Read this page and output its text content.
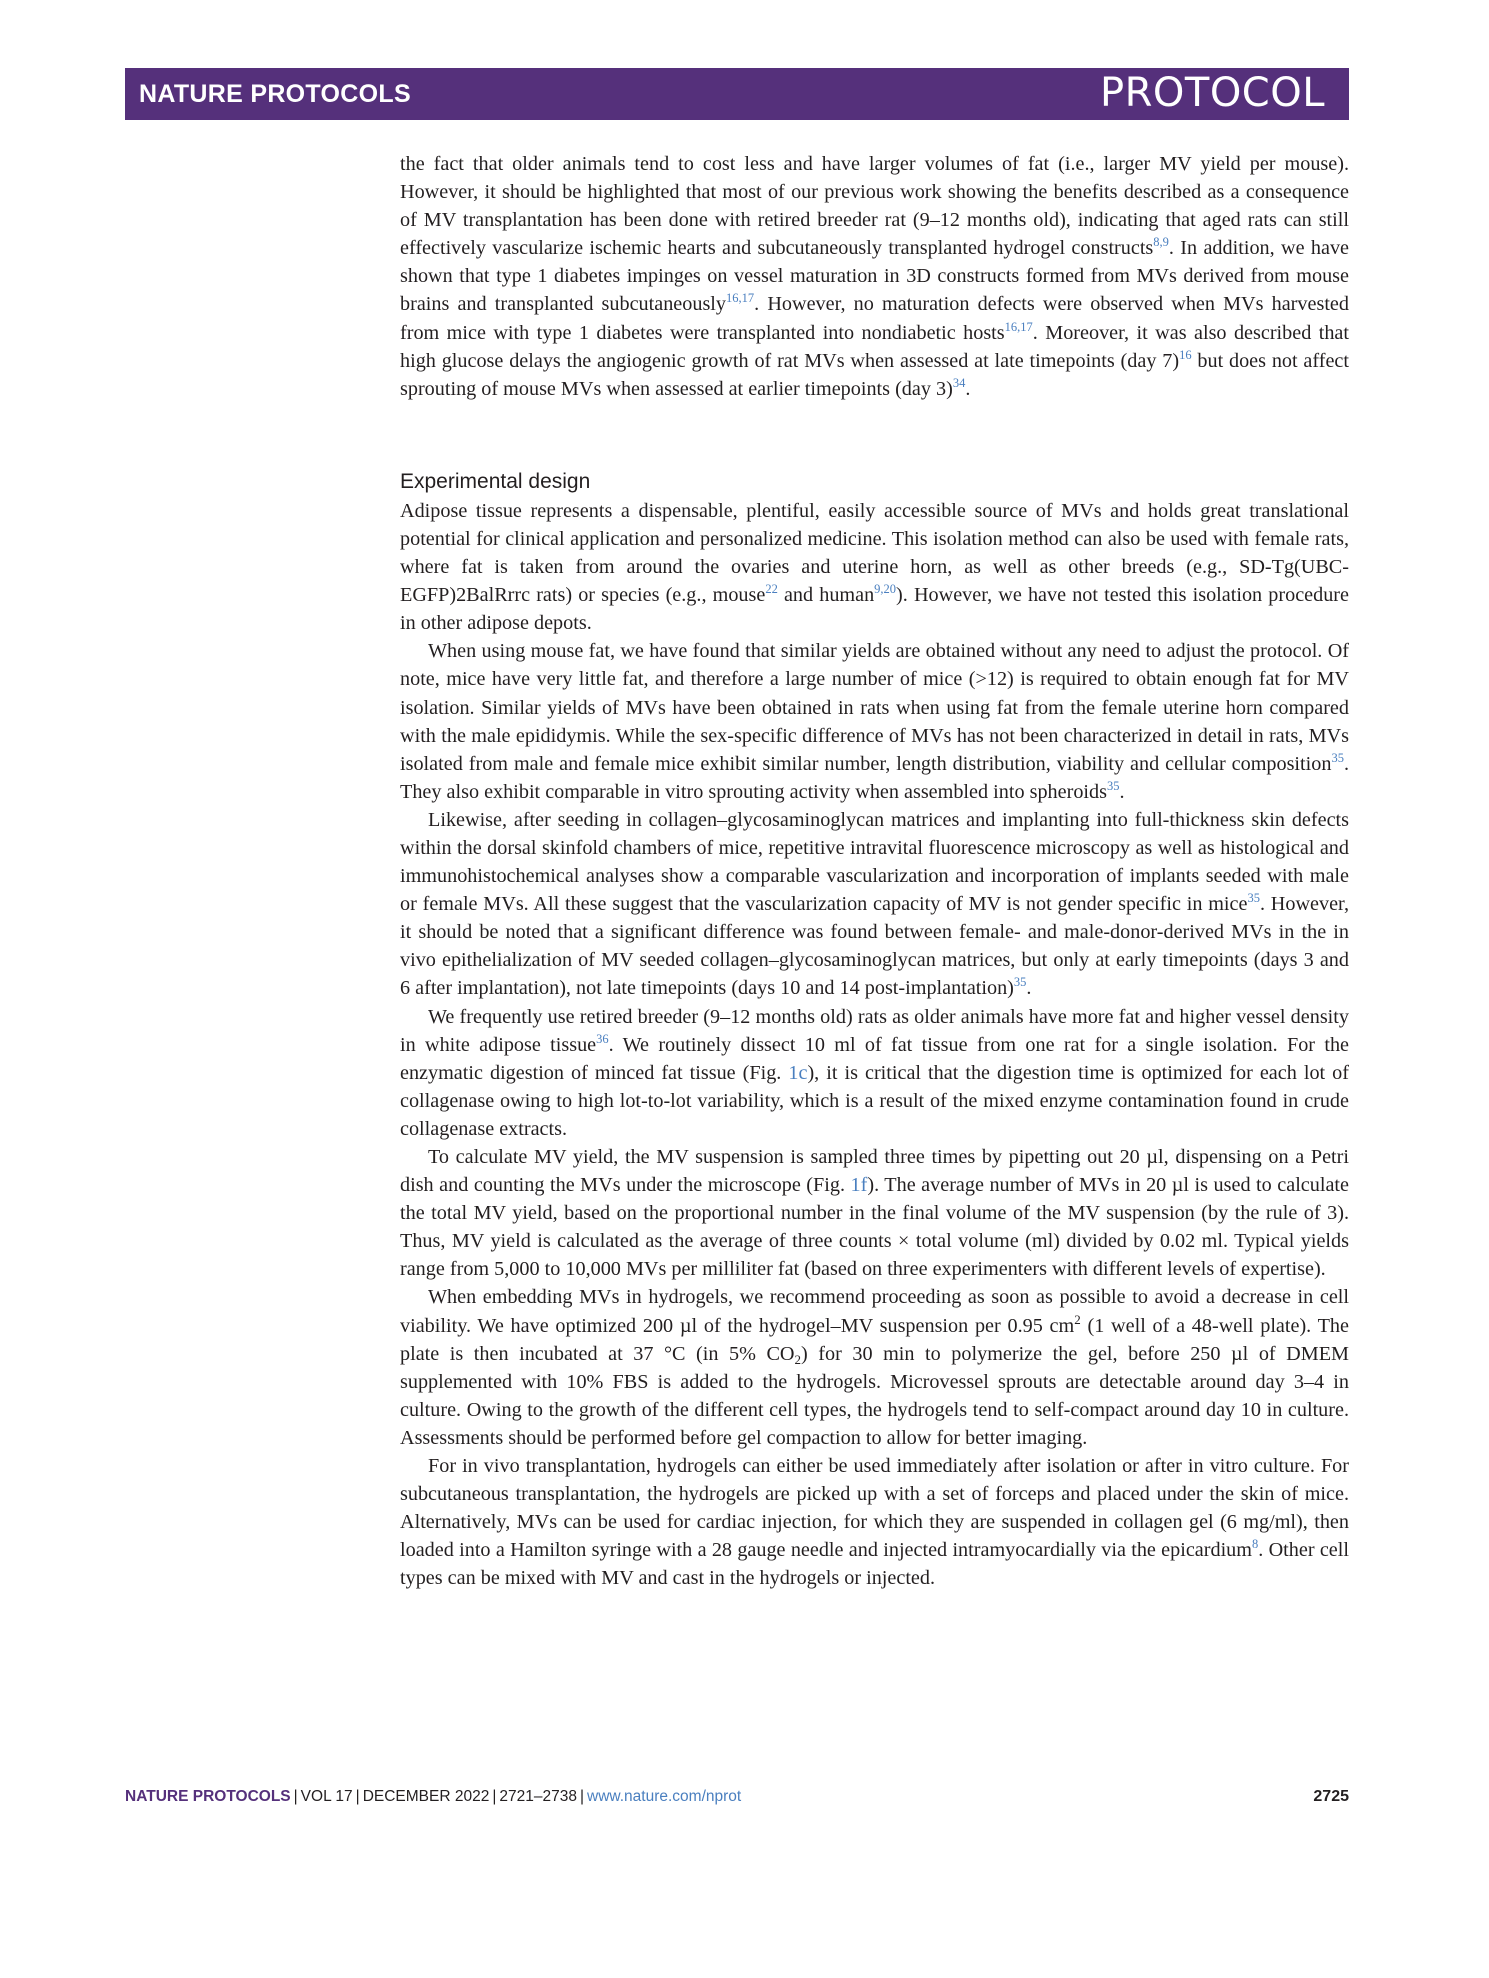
NATURE PROTOCOLS	PROTOCOL

the fact that older animals tend to cost less and have larger volumes of fat (i.e., larger MV yield per mouse). However, it should be highlighted that most of our previous work showing the benefits described as a consequence of MV transplantation has been done with retired breeder rat (9–12 months old), indicating that aged rats can still effectively vascularize ischemic hearts and subcutaneously transplanted hydrogel constructs$^{8,9}$. In addition, we have shown that type 1 diabetes impinges on vessel maturation in 3D constructs formed from MVs derived from mouse brains and transplanted subcutaneously$^{16,17}$. However, no maturation defects were observed when MVs harvested from mice with type 1 diabetes were transplanted into nondiabetic hosts$^{16,17}$. Moreover, it was also described that high glucose delays the angiogenic growth of rat MVs when assessed at late timepoints (day 7)$^{16}$ but does not affect sprouting of mouse MVs when assessed at earlier timepoints (day 3)$^{34}$.

Experimental design

Adipose tissue represents a dispensable, plentiful, easily accessible source of MVs and holds great translational potential for clinical application and personalized medicine. This isolation method can also be used with female rats, where fat is taken from around the ovaries and uterine horn, as well as other breeds (e.g., SD-Tg(UBC-EGFP)2BalRrrc rats) or species (e.g., mouse$^{22}$ and human$^{9,20}$). However, we have not tested this isolation procedure in other adipose depots.

When using mouse fat, we have found that similar yields are obtained without any need to adjust the protocol. Of note, mice have very little fat, and therefore a large number of mice (>12) is required to obtain enough fat for MV isolation. Similar yields of MVs have been obtained in rats when using fat from the female uterine horn compared with the male epididymis. While the sex-specific difference of MVs has not been characterized in detail in rats, MVs isolated from male and female mice exhibit similar number, length distribution, viability and cellular composition$^{35}$. They also exhibit comparable in vitro sprouting activity when assembled into spheroids$^{35}$.

Likewise, after seeding in collagen–glycosaminoglycan matrices and implanting into full-thickness skin defects within the dorsal skinfold chambers of mice, repetitive intravital fluorescence microscopy as well as histological and immunohistochemical analyses show a comparable vascularization and incorporation of implants seeded with male or female MVs. All these suggest that the vascularization capacity of MV is not gender specific in mice$^{35}$. However, it should be noted that a significant difference was found between female- and male-donor-derived MVs in the in vivo epithelialization of MV seeded collagen–glycosaminoglycan matrices, but only at early timepoints (days 3 and 6 after implantation), not late timepoints (days 10 and 14 post-implantation)$^{35}$.

We frequently use retired breeder (9–12 months old) rats as older animals have more fat and higher vessel density in white adipose tissue$^{36}$. We routinely dissect 10 ml of fat tissue from one rat for a single isolation. For the enzymatic digestion of minced fat tissue (Fig. 1c), it is critical that the digestion time is optimized for each lot of collagenase owing to high lot-to-lot variability, which is a result of the mixed enzyme contamination found in crude collagenase extracts.

To calculate MV yield, the MV suspension is sampled three times by pipetting out 20 µl, dispensing on a Petri dish and counting the MVs under the microscope (Fig. 1f). The average number of MVs in 20 µl is used to calculate the total MV yield, based on the proportional number in the final volume of the MV suspension (by the rule of 3). Thus, MV yield is calculated as the average of three counts × total volume (ml) divided by 0.02 ml. Typical yields range from 5,000 to 10,000 MVs per milliliter fat (based on three experimenters with different levels of expertise).

When embedding MVs in hydrogels, we recommend proceeding as soon as possible to avoid a decrease in cell viability. We have optimized 200 µl of the hydrogel–MV suspension per 0.95 $cm^2$ (1 well of a 48-well plate). The plate is then incubated at 37 °C (in 5% $CO_2$) for 30 min to polymerize the gel, before 250 µl of DMEM supplemented with 10% FBS is added to the hydrogels. Microvessel sprouts are detectable around day 3–4 in culture. Owing to the growth of the different cell types, the hydrogels tend to self-compact around day 10 in culture. Assessments should be performed before gel compaction to allow for better imaging.

For in vivo transplantation, hydrogels can either be used immediately after isolation or after in vitro culture. For subcutaneous transplantation, the hydrogels are picked up with a set of forceps and placed under the skin of mice. Alternatively, MVs can be used for cardiac injection, for which they are suspended in collagen gel (6 mg/ml), then loaded into a Hamilton syringe with a 28 gauge needle and injected intramyocardially via the epicardium$^8$. Other cell types can be mixed with MV and cast in the hydrogels or injected.

NATURE PROTOCOLS | VOL 17 | DECEMBER 2022 | 2721–2738 | www.nature.com/nprot	2725
